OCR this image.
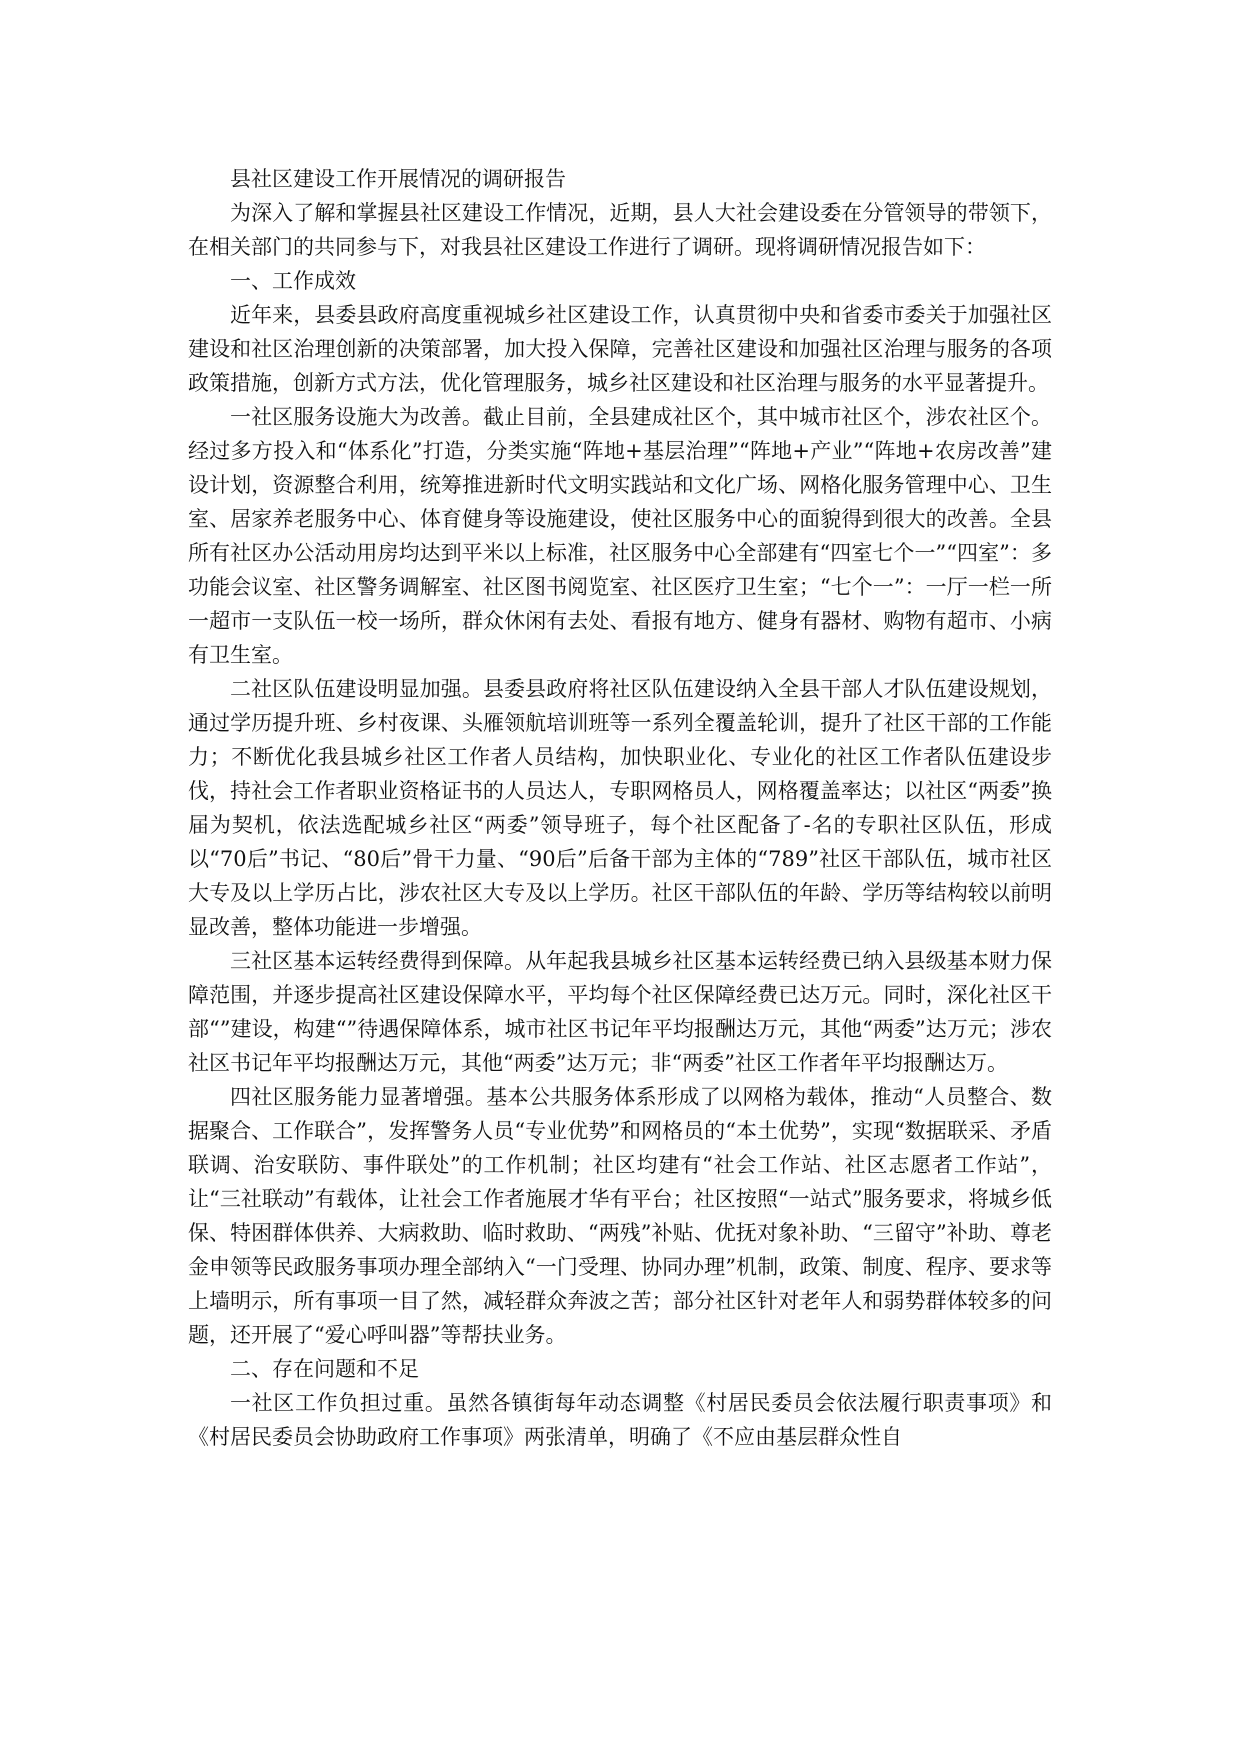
县社区建设工作开展情况的调研报告

为深入了解和掌握县社区建设工作情况，近期，县人大社会建设委在分管领导的带领下，在相关部门的共同参与下，对我县社区建设工作进行了调研。现将调研情况报告如下：

一、工作成效

近年来，县委县政府高度重视城乡社区建设工作，认真贯彻中央和省委市委关于加强社区建设和社区治理创新的决策部署，加大投入保障，完善社区建设和加强社区治理与服务的各项政策措施，创新方式方法，优化管理服务，城乡社区建设和社区治理与服务的水平显著提升。

一社区服务设施大为改善。截止目前，全县建成社区个，其中城市社区个，涉农社区个。经过多方投入和“体系化”打造，分类实施“阵地+基层治理”“阵地+产业”“阵地+农房改善”建设计划，资源整合利用，统筹推进新时代文明实践站和文化广场、网格化服务管理中心、卫生室、居家养老服务中心、体育健身等设施建设，使社区服务中心的面貌得到很大的改善。全县所有社区办公活动用房均达到平米以上标准，社区服务中心全部建有“四室七个一”“四室”：多功能会议室、社区警务调解室、社区图书阅览室、社区医疗卫生室；“七个一”：一厅一栏一所一超市一支队伍一校一场所，群众休闲有去处、看报有地方、健身有器材、购物有超市、小病有卫生室。

二社区队伍建设明显加强。县委县政府将社区队伍建设纳入全县干部人才队伍建设规划，通过学历提升班、乡村夜课、头雁领航培训班等一系列全覆盖轮训，提升了社区干部的工作能力；不断优化我县城乡社区工作者人员结构，加快职业化、专业化的社区工作者队伍建设步伐，持社会工作者职业资格证书的人员达人，专职网格员人，网格覆盖率达；以社区“两委”换届为契机，依法选配城乡社区“两委”领导班子，每个社区配备了-名的专职社区队伍，形成以“70后”书记、“80后”骨干力量、“90后”后备干部为主体的“789”社区干部队伍，城市社区大专及以上学历占比，涉农社区大专及以上学历。社区干部队伍的年龄、学历等结构较以前明显改善，整体功能进一步增强。

三社区基本运转经费得到保障。从年起我县城乡社区基本运转经费已纳入县级基本财力保障范围，并逐步提高社区建设保障水平，平均每个社区保障经费已达万元。同时，深化社区干部“”建设，构建“”待遇保障体系，城市社区书记年平均报酬达万元，其他“两委”达万元；涉农社区书记年平均报酬达万元，其他“两委”达万元；非“两委”社区工作者年平均报酬达万。

四社区服务能力显著增强。基本公共服务体系形成了以网格为载体，推动“人员整合、数据聚合、工作联合”，发挥警务人员“专业优势”和网格员的“本土优势”，实现“数据联采、矛盾联调、治安联防、事件联处”的工作机制；社区均建有“社会工作站、社区志愿者工作站”，让“三社联动”有载体，让社会工作者施展才华有平台；社区按照“一站式”服务要求，将城乡低保、特困群体供养、大病救助、临时救助、“两残”补贴、优抚对象补助、“三留守”补助、尊老金申领等民政服务事项办理全部纳入“一门受理、协同办理”机制，政策、制度、程序、要求等上墙明示，所有事项一目了然，减轻群众奔波之苦；部分社区针对老年人和弱势群体较多的问题，还开展了“爱心呼叫器”等帮扶业务。

二、存在问题和不足

一社区工作负担过重。虽然各镇街每年动态调整《村居民委员会依法履行职责事项》和《村居民委员会协助政府工作事项》两张清单，明确了《不应由基层群众性自
